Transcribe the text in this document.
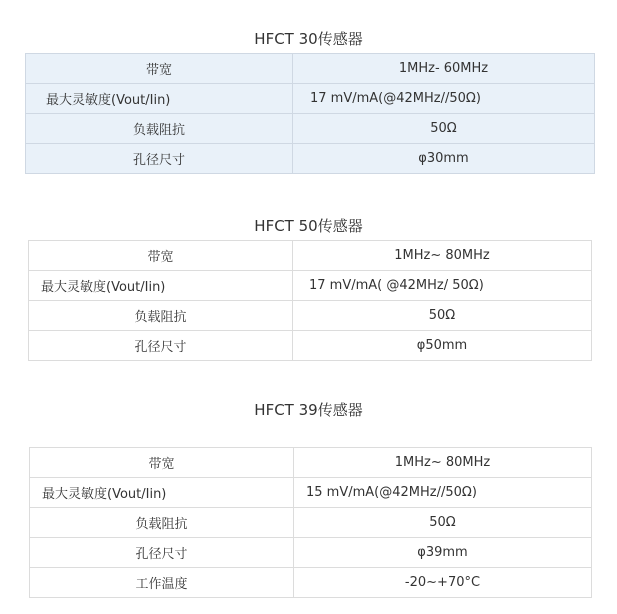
HFCT 30传感器
带宽	1MHz- 60MHz
最大灵敏度(Vout/Iin)	17 mV/mA(@42MHz//50Ω)
负载阻抗	50Ω
孔径尺寸	φ30mm
HFCT 50传感器
带宽	1MHz~ 80MHz
最大灵敏度(Vout/Iin)	17 mV/mA( @42MHz/ 50Ω)
负载阻抗	50Ω
孔径尺寸	φ50mm
HFCT 39传感器
带宽	1MHz~ 80MHz
最大灵敏度(Vout/Iin)	15 mV/mA(@42MHz//50Ω)
负载阻抗	50Ω
孔径尺寸	φ39mm
工作温度	-20~+70°C
